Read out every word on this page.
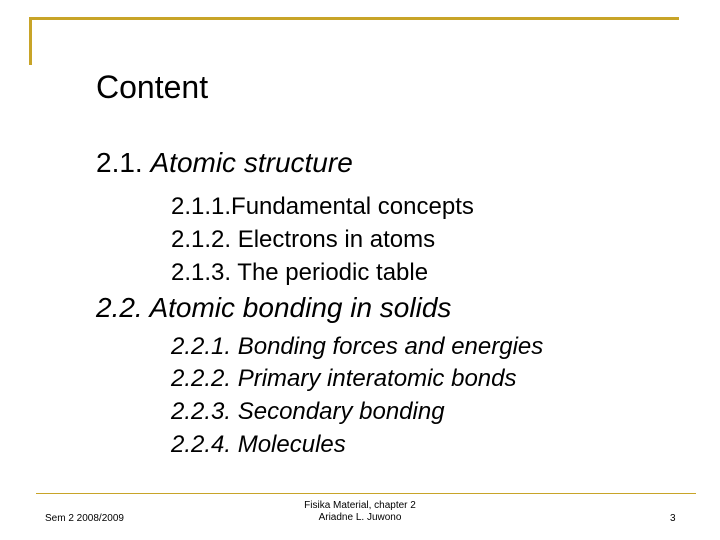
Content
2.1. Atomic structure
2.1.1.Fundamental concepts
2.1.2. Electrons in atoms
2.1.3. The periodic table
2.2. Atomic bonding in solids
2.2.1. Bonding forces and energies
2.2.2. Primary interatomic bonds
2.2.3. Secondary bonding
2.2.4. Molecules
Sem 2 2008/2009
Fisika Material, chapter 2
Ariadne L. Juwono	3
